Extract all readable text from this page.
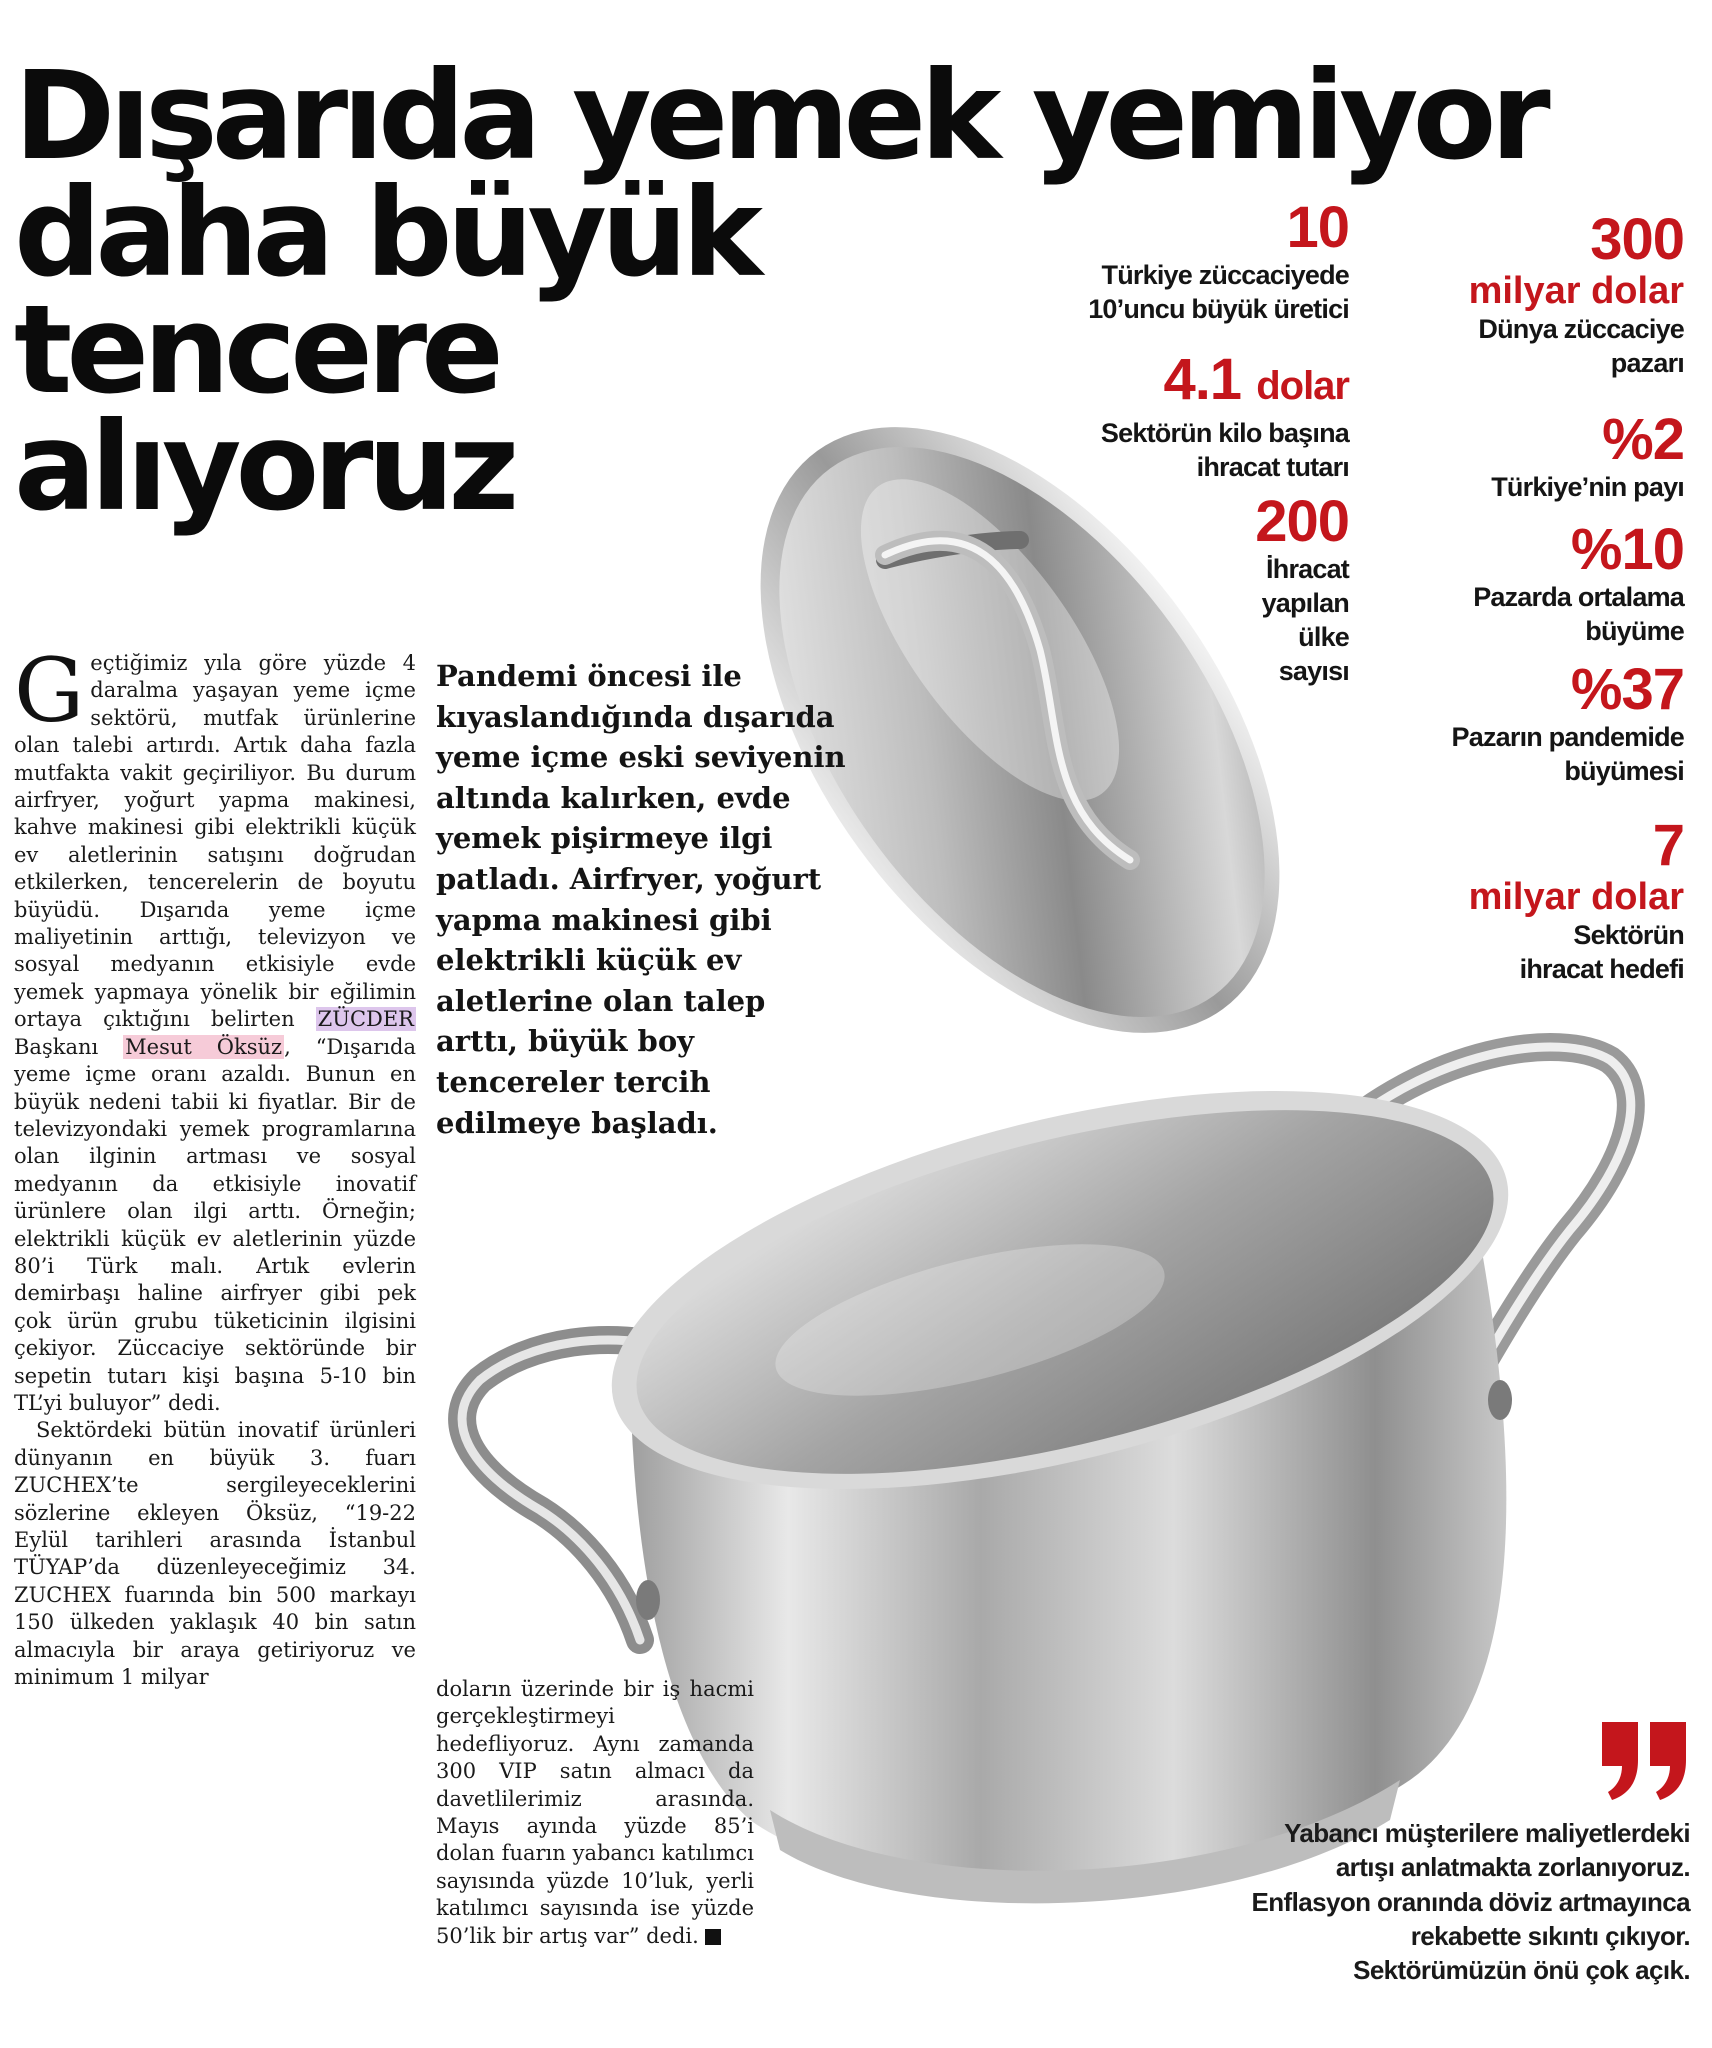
Dışarıda yemek yemiyor
daha büyük
tencere
alıyoruz

Geçtiğimiz yıla göre yüzde 4 daralma yaşayan yeme içme sektörü, mutfak ürünlerine olan talebi artırdı. Artık daha fazla mutfakta vakit geçiriliyor. Bu durum airfryer, yoğurt yapma makinesi, kahve makinesi gibi elektrikli küçük ev aletlerinin satışını doğrudan etkilerken, tencerelerin de boyutu büyüdü. Dışarıda yeme içme maliyetinin arttığı, televizyon ve sosyal medyanın etkisiyle evde yemek yapmaya yönelik bir eğilimin ortaya çıktığını belirten ZÜCDER Başkanı Mesut Öksüz, “Dışarıda yeme içme oranı azaldı. Bunun en büyük nedeni tabii ki fiyatlar. Bir de televizyondaki yemek programlarına olan ilginin artması ve sosyal medyanın da etkisiyle inovatif ürünlere olan ilgi arttı. Örneğin; elektrikli küçük ev aletlerinin yüzde 80’i Türk malı. Artık evlerin demirbaşı haline airfryer gibi pek çok ürün grubu tüketicinin ilgisini çekiyor. Züccaciye sektöründe bir sepetin tutarı kişi başına 5-10 bin TL’yi buluyor” dedi.

Sektördeki bütün inovatif ürünleri dünyanın en büyük 3. fuarı ZUCHEX’te sergileyeceklerini sözlerine ekleyen Öksüz, “19-22 Eylül tarihleri arasında İstanbul TÜYAP’da düzenleyeceğimiz 34. ZUCHEX fuarında bin 500 markayı 150 ülkeden yaklaşık 40 bin satın almacıyla bir araya getiriyoruz ve minimum 1 milyar	doların üzerinde bir iş hacmi gerçekleştirmeyi hedefliyoruz. Aynı zamanda 300 VIP satın almacı da davetlilerimiz arasında. Mayıs ayında yüzde 85’i dolan fuarın yabancı katılımcı sayısında yüzde 10’luk, yerli katılımcı sayısında ise yüzde 50’lik bir artış var” dedi.

Pandemi öncesi ile kıyaslandığında dışarıda yeme içme eski seviyenin altında kalırken, evde yemek pişirmeye ilgi patladı. Airfryer, yoğurt yapma makinesi gibi elektrikli küçük ev aletlerine olan talep arttı, büyük boy tencereler tercih edilmeye başladı.

10
Türkiye züccaciyede
10’uncu büyük üretici
4.1 dolar
Sektörün kilo başına
ihracat tutarı
200
İhracat
yapılan
ülke
sayısı
300
milyar dolar
Dünya züccaciye
pazarı
%2
Türkiye’nin payı
%10
Pazarda ortalama
büyüme
%37
Pazarın pandemide
büyümesi
7
milyar dolar
Sektörün
ihracat hedefi

Yabancı müşterilere maliyetlerdeki artışı anlatmakta zorlanıyoruz. Enflasyon oranında döviz artmayınca rekabette sıkıntı çıkıyor. Sektörümüzün önü çok açık.
